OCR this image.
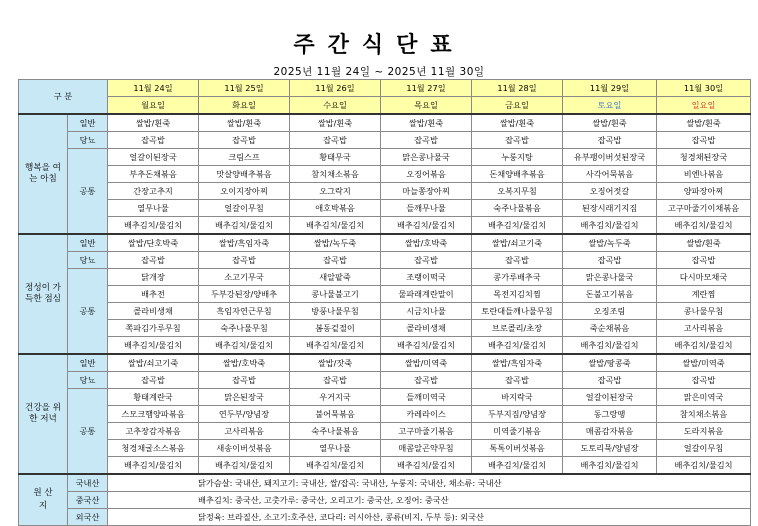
주간식단표
2025년 11월 24일 ~ 2025년 11월 30일
구 분		11월 24일	11월 25일	11월 26일	11월 27일	11월 28일	11월 29일	11월 30일
		월요일	화요일	수요일	목요일	금요일	토요일	일요일
행복을 여는 아침	일반	쌀밥/흰죽	쌀밥/흰죽	쌀밥/흰죽	쌀밥/흰죽	쌀밥/흰죽	쌀밥/흰죽	쌀밥/흰죽
	당뇨	잡곡밥	잡곡밥	잡곡밥	잡곡밥	잡곡밥	잡곡밥	잡곡밥
	공통	얼갈이된장국	크림스프	황태무국	맑은콩나물국	누룽지탕	유부팽이버섯된장국	청경채된장국
		부추돈채볶음	맛살양배추볶음	참치채소볶음	오징어볶음	돈채양배추볶음	사각어묵볶음	비엔나볶음
		간장고추지	오이지장아찌	오그락지	마늘쫑장아찌	오복지무침	오징어젓갈	양파장아찌
		열무나물	얼갈이무침	애호박볶음	들깨무나물	숙주나물볶음	된장시래기지짐	고구마줄기이채볶음
		배추김치/물김치	배추김치/물김치	배추김치/물김치	배추김치/물김치	배추김치/물김치	배추김치/물김치	배추김치/물김치
정성이 가득한 점심	일반	쌀밥/단호박죽	쌀밥/흑임자죽	쌀밥/녹두죽	쌀밥/호박죽	쌀밥/쇠고기죽	쌀밥/녹두죽	쌀밥/흰죽
	당뇨	잡곡밥	잡곡밥	잡곡밥	잡곡밥	잡곡밥	잡곡밥	잡곡밥
	공통	닭개장	소고기무국	새알팥죽	조랭이떡국	콩가루배추국	맑은콩나물국	다시마모채국
		배추전	두부강된장/양배추	콩나물불고기	물파래계란말이	목전지김치찜	돈불고기볶음	계란찜
		콜라비생채	흑임자연근무침	방풍나물무침	시금치나물	토란대들깨나물무침	오징조림	콩나물무침
		쪽파김가루무침	숙주나물무침	봄동겉절이	콜라비생채	브로콜리/초장	죽순채볶음	고사리볶음
		배추김치/물김치	배추김치/물김치	배추김치/물김치	배추김치/물김치	배추김치/물김치	배추김치/물김치	배추김치/물김치
건강을 위한 저녁	일반	쌀밥/쇠고기죽	쌀밥/호박죽	쌀밥/잣죽	쌀밥/미역죽	쌀밥/흑임자죽	쌀밥/땅콩죽	쌀밥/미역죽
	당뇨	잡곡밥	잡곡밥	잡곡밥	잡곡밥	잡곡밥	잡곡밥	잡곡밥
	공통	황태계란국	맑은된장국	우거지국	들깨미역국	바지락국	얼갈이된장국	맑은미역국
		스모크햄양파볶음	연두부/양념장	불어묵볶음	카레라이스	두부지짐/양념장	동그랑땡	참치채소볶음
		고추장감자볶음	고사리볶음	숙주나물볶음	고구마줄기볶음	미역줄기볶음	매콤감자볶음	도라지볶음
		청경채굴소스볶음	새송이버섯볶음	열무나물	매콤알곤약무침	톡톡이버섯볶음	도토리묵/양념장	얼갈이무침
		배추김치/물김치	배추김치/물김치	배추김치/물김치	배추김치/물김치	배추김치/물김치	배추김치/물김치	배추김치/물김치
원 산 지	국내산	닭가슴살: 국내산, 돼지고기: 국내산, 쌀/잡곡: 국내산, 누룽지: 국내산, 채소류: 국내산						
	중국산	배추김치: 중국산, 고춧가루: 중국산, 오리고기: 중국산, 오징어: 중국산						
	외국산	닭정육: 브라질산, 소고기:호주산, 코다리: 러시아산, 콩류(비지, 두부 등): 외국산						
